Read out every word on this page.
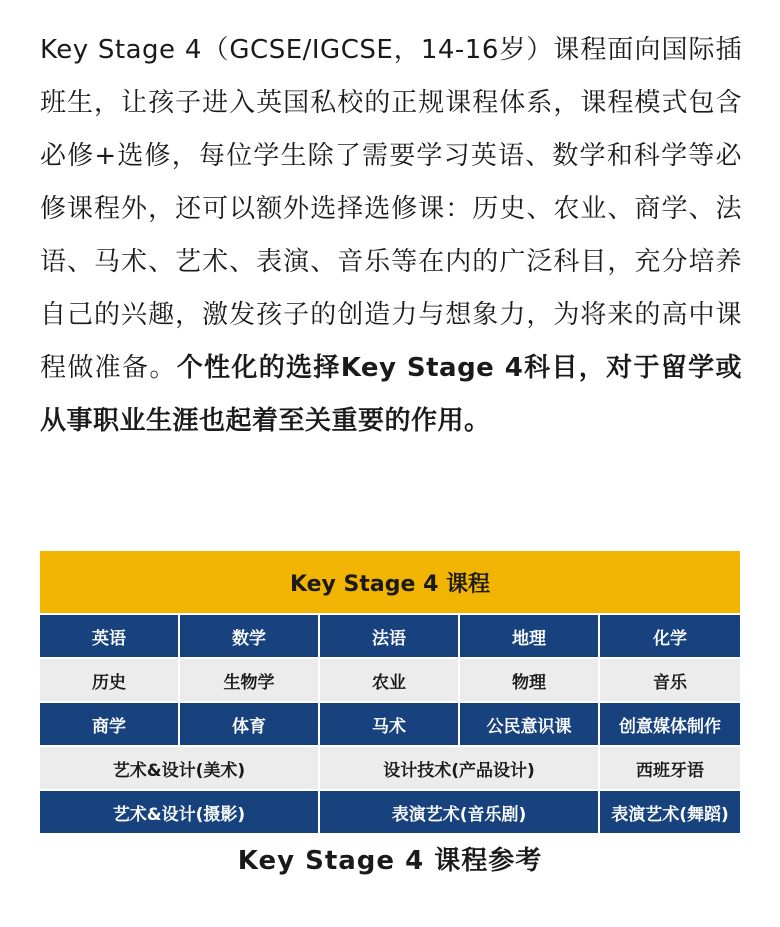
Key Stage 4（GCSE/IGCSE，14-16岁）课程面向国际插班生，让孩子进入英国私校的正规课程体系，课程模式包含必修+选修，每位学生除了需要学习英语、数学和科学等必修课程外，还可以额外选择选修课：历史、农业、商学、法语、马术、艺术、表演、音乐等在内的广泛科目，充分培养自己的兴趣，激发孩子的创造力与想象力，为将来的高中课程做准备。个性化的选择Key Stage 4科目，对于留学或从事职业生涯也起着至关重要的作用。
Key Stage 4 课程
英语	数学	法语	地理	化学
历史	生物学	农业	物理	音乐
商学	体育	马术	公民意识课	创意媒体制作
艺术&设计(美术)	设计技术(产品设计)	西班牙语
艺术&设计(摄影)	表演艺术(音乐剧)	表演艺术(舞蹈)
Key Stage 4 课程参考
